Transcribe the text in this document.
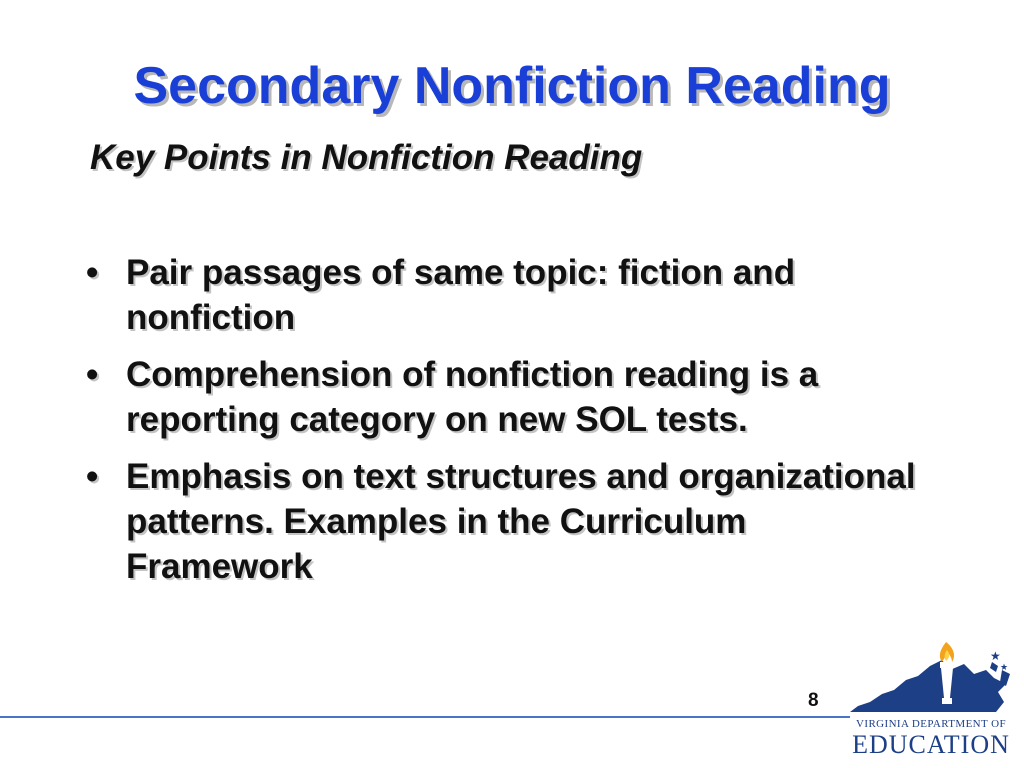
Secondary Nonfiction Reading
Key Points in Nonfiction Reading
• Pair passages of same topic: fiction and nonfiction
• Comprehension of nonfiction reading is a reporting category on new SOL tests.
• Emphasis on text structures and organizational patterns. Examples in the Curriculum Framework
8
★
★
VIRGINIA DEPARTMENT OF
EDUCATION
